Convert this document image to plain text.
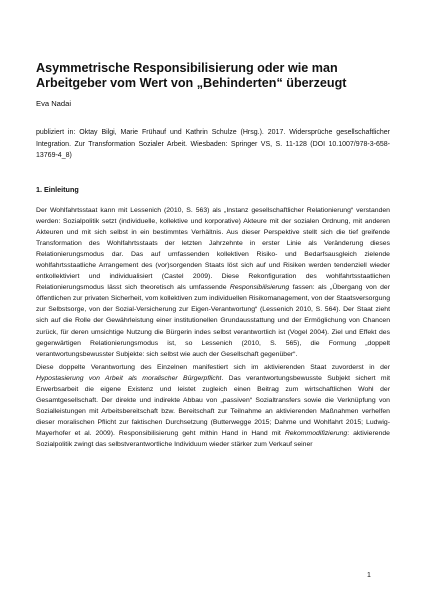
Asymmetrische Responsibilisierung oder wie man Arbeitgeber vom Wert von „Behinderten“ überzeugt

Eva Nadai

publiziert in: Oktay Bilgi, Marie Frühauf und Kathrin Schulze (Hrsg.). 2017. Widersprüche gesellschaftlicher Integration. Zur Transformation Sozialer Arbeit. Wiesbaden: Springer VS, S. 11-128 (DOI 10.1007/978-3-658-13769-4_8)

1. Einleitung

Der Wohlfahrtsstaat kann mit Lessenich (2010, S. 563) als „Instanz gesellschaftlicher Relationierung“ verstanden werden: Sozialpolitik setzt (individuelle, kollektive und korporative) Akteure mit der sozialen Ordnung, mit anderen Akteuren und mit sich selbst in ein bestimmtes Verhältnis. Aus dieser Perspektive stellt sich die tief greifende Transformation des Wohlfahrtsstaats der letzten Jahrzehnte in erster Linie als Veränderung dieses Relationierungsmodus dar. Das auf umfassenden kollektiven Risiko- und Bedarfsausgleich zielende wohlfahrtsstaatliche Arrangement des (vor)sorgenden Staats löst sich auf und Risiken werden tendenziell wieder entkollektiviert und individualisiert (Castel 2009). Diese Rekonfiguration des wohlfahrtsstaatlichen Relationierungsmodus lässt sich theoretisch als umfassende Responsibilisierung fassen: als „Übergang von der öffentlichen zur privaten Sicherheit, vom kollektiven zum individuellen Risikomanagement, von der Staatsversorgung zur Selbstsorge, von der Sozial-Versicherung zur Eigen-Verantwortung“ (Lessenich 2010, S. 564). Der Staat zieht sich auf die Rolle der Gewährleistung einer institutionellen Grundausstattung und der Ermöglichung von Chancen zurück, für deren umsichtige Nutzung die Bürgerin indes selbst verantwortlich ist (Vogel 2004). Ziel und Effekt des gegenwärtigen Relationierungsmodus ist, so Lessenich (2010, S. 565), die Formung „doppelt verantwortungsbewusster Subjekte: sich selbst wie auch der Gesellschaft gegenüber“.

Diese doppelte Verantwortung des Einzelnen manifestiert sich im aktivierenden Staat zuvorderst in der Hypostasierung von Arbeit als moralischer Bürgerpflicht. Das verantwortungsbewusste Subjekt sichert mit Erwerbsarbeit die eigene Existenz und leistet zugleich einen Beitrag zum wirtschaftlichen Wohl der Gesamtgesellschaft. Der direkte und indirekte Abbau von „passiven“ Sozialtransfers sowie die Verknüpfung von Sozialleistungen mit Arbeitsbereitschaft bzw. Bereitschaft zur Teilnahme an aktivierenden Maßnahmen verhelfen dieser moralischen Pflicht zur faktischen Durchsetzung (Butterwegge 2015; Dahme und Wohlfahrt 2015; Ludwig-Mayerhofer et al. 2009). Responsibilisierung geht mithin Hand in Hand mit Rekommodifizierung: aktivierende Sozialpolitik zwingt das selbstverantwortliche Individuum wieder stärker zum Verkauf seiner

1
